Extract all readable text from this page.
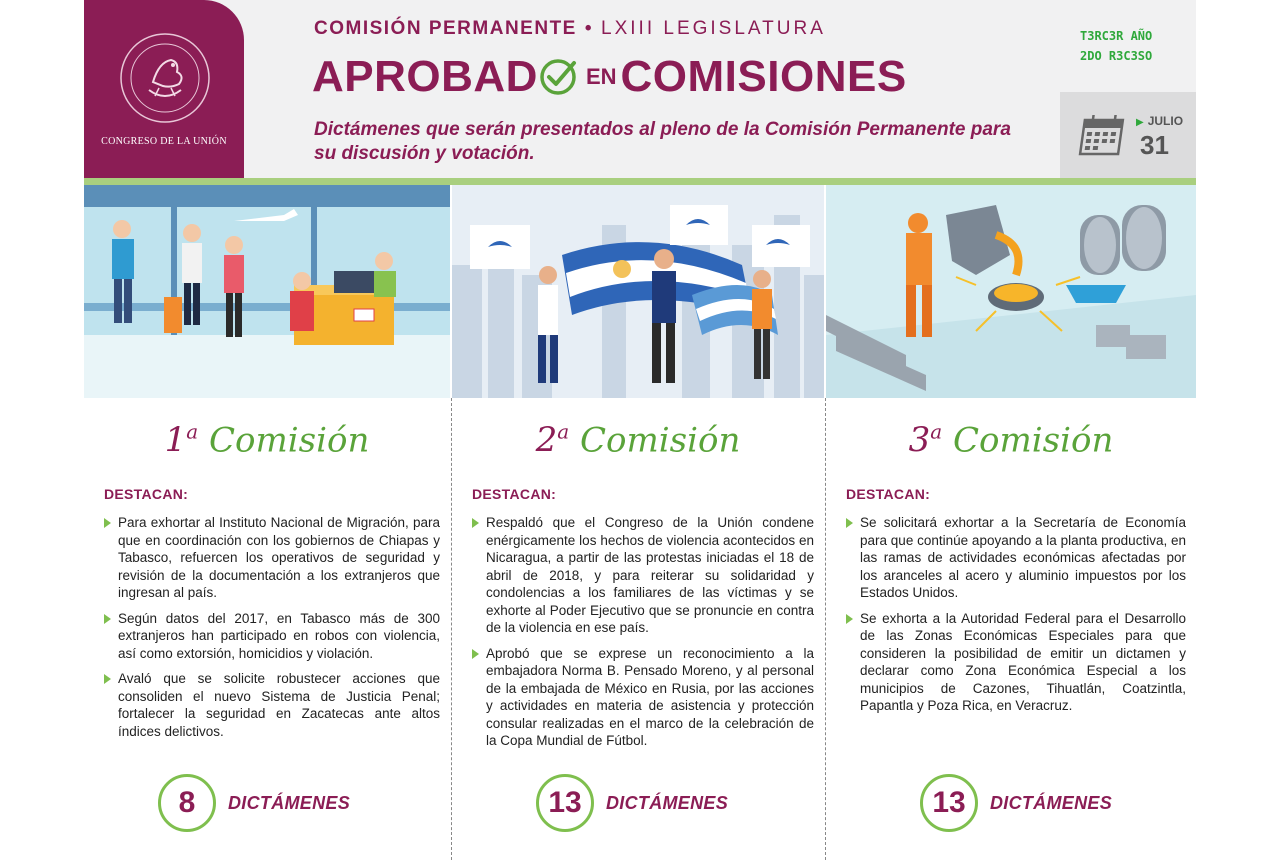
CONGRESO DE LA UNIÓN
COMISIÓN PERMANENTE • LXIII LEGISLATURA
APROBAD ENCOMISIONES
Dictámenes que serán presentados al pleno de la Comisión Permanente para su discusión y votación.
T3RC3R AÑO
2DO R3C3SO
▶ JULIO
31
1$^a$ Comisión
DESTACAN:
Para exhortar al Instituto Nacional de Migración, para que en coordinación con los gobiernos de Chiapas y Tabasco, refuercen los operativos de seguridad y revisión de la documentación a los extranjeros que ingresan al país.
Según datos del 2017, en Tabasco más de 300 extranjeros han participado en robos con violencia, así como extorsión, homicidios y violación.
Avaló que se solicite robustecer acciones que consoliden el nuevo Sistema de Justicia Penal; fortalecer la seguridad en Zacatecas ante altos índices delictivos.
8 DICTÁMENES
2$^a$ Comisión
DESTACAN:
Respaldó que el Congreso de la Unión condene enérgicamente los hechos de violencia acontecidos en Nicaragua, a partir de las protestas iniciadas el 18 de abril de 2018, y para reiterar su solidaridad y condolencias a los familiares de las víctimas y se exhorte al Poder Ejecutivo que se pronuncie en contra de la violencia en ese país.
Aprobó que se exprese un reconocimiento a la embajadora Norma B. Pensado Moreno, y al personal de la embajada de México en Rusia, por las acciones y actividades en materia de asistencia y protección consular realizadas en el marco de la celebración de la Copa Mundial de Fútbol.
13 DICTÁMENES
3$^a$ Comisión
DESTACAN:
Se solicitará exhortar a la Secretaría de Economía para que continúe apoyando a la planta productiva, en las ramas de actividades económicas afectadas por los aranceles al acero y aluminio impuestos por los Estados Unidos.
Se exhorta a la Autoridad Federal para el Desarrollo de las Zonas Económicas Especiales para que consideren la posibilidad de emitir un dictamen y declarar como Zona Económica Especial a los municipios de Cazones, Tihuatlán, Coatzintla, Papantla y Poza Rica, en Veracruz.
13 DICTÁMENES
